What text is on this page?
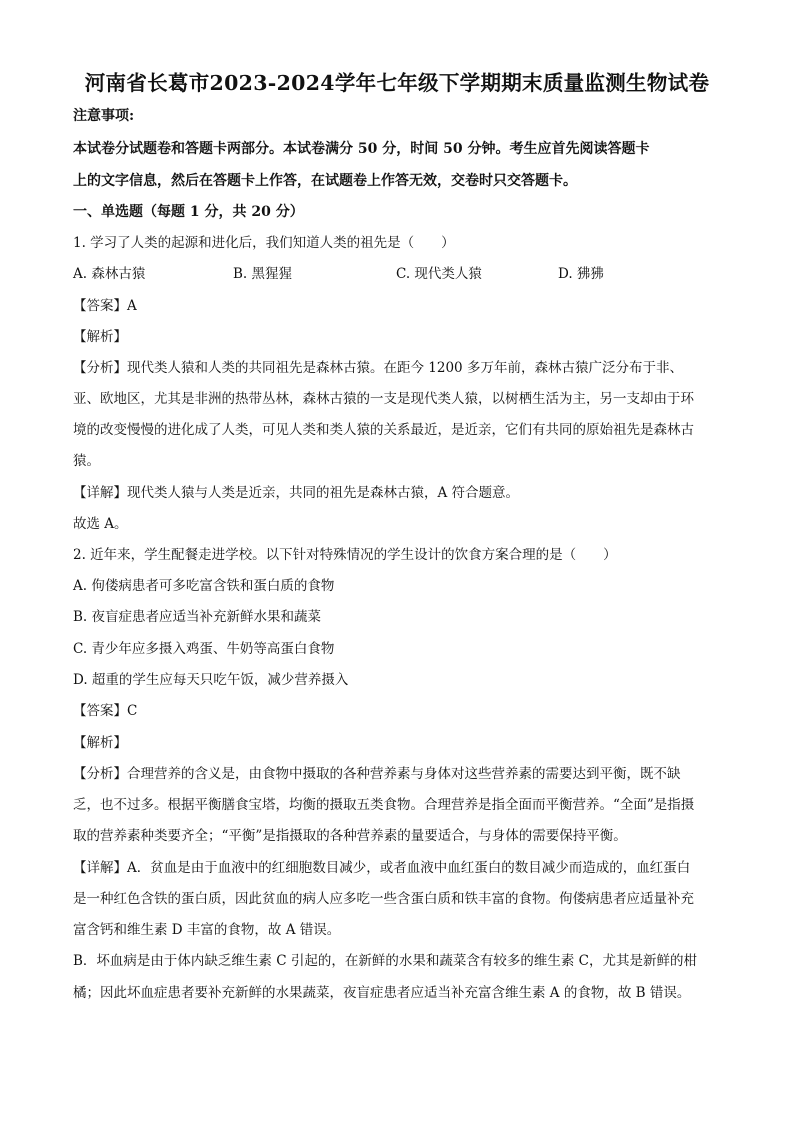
河南省长葛市2023-2024学年七年级下学期期末质量监测生物试卷
注意事项:
本试卷分试题卷和答题卡两部分。本试卷满分 50 分，时间 50 分钟。考生应首先阅读答题卡
上的文字信息，然后在答题卡上作答，在试题卷上作答无效，交卷时只交答题卡。
一、单选题（每题 1 分，共 20 分）
1. 学习了人类的起源和进化后，我们知道人类的祖先是（　　）
A. 森林古猿	B. 黑猩猩	C. 现代类人猿	D. 狒狒
【答案】A
【解析】
【分析】现代类人猿和人类的共同祖先是森林古猿。在距今 1200 多万年前，森林古猿广泛分布于非、
亚、欧地区，尤其是非洲的热带丛林，森林古猿的一支是现代类人猿，以树栖生活为主，另一支却由于环
境的改变慢慢的进化成了人类，可见人类和类人猿的关系最近，是近亲，它们有共同的原始祖先是森林古
猿。
【详解】现代类人猿与人类是近亲，共同的祖先是森林古猿，A 符合题意。
故选 A。
2. 近年来，学生配餐走进学校。以下针对特殊情况的学生设计的饮食方案合理的是（　　）
A. 佝偻病患者可多吃富含铁和蛋白质的食物
B. 夜盲症患者应适当补充新鲜水果和蔬菜
C. 青少年应多摄入鸡蛋、牛奶等高蛋白食物
D. 超重的学生应每天只吃午饭，减少营养摄入
【答案】C
【解析】
【分析】合理营养的含义是，由食物中摄取的各种营养素与身体对这些营养素的需要达到平衡，既不缺
乏，也不过多。根据平衡膳食宝塔，均衡的摄取五类食物。合理营养是指全面而平衡营养。“全面”是指摄
取的营养素种类要齐全；“平衡”是指摄取的各种营养素的量要适合，与身体的需要保持平衡。
【详解】A．贫血是由于血液中的红细胞数目减少，或者血液中血红蛋白的数目减少而造成的，血红蛋白
是一种红色含铁的蛋白质，因此贫血的病人应多吃一些含蛋白质和铁丰富的食物。佝偻病患者应适量补充
富含钙和维生素 D 丰富的食物，故 A 错误。
B．坏血病是由于体内缺乏维生素 C 引起的，在新鲜的水果和蔬菜含有较多的维生素 C，尤其是新鲜的柑
橘；因此坏血症患者要补充新鲜的水果蔬菜，夜盲症患者应适当补充富含维生素 A 的食物，故 B 错误。
